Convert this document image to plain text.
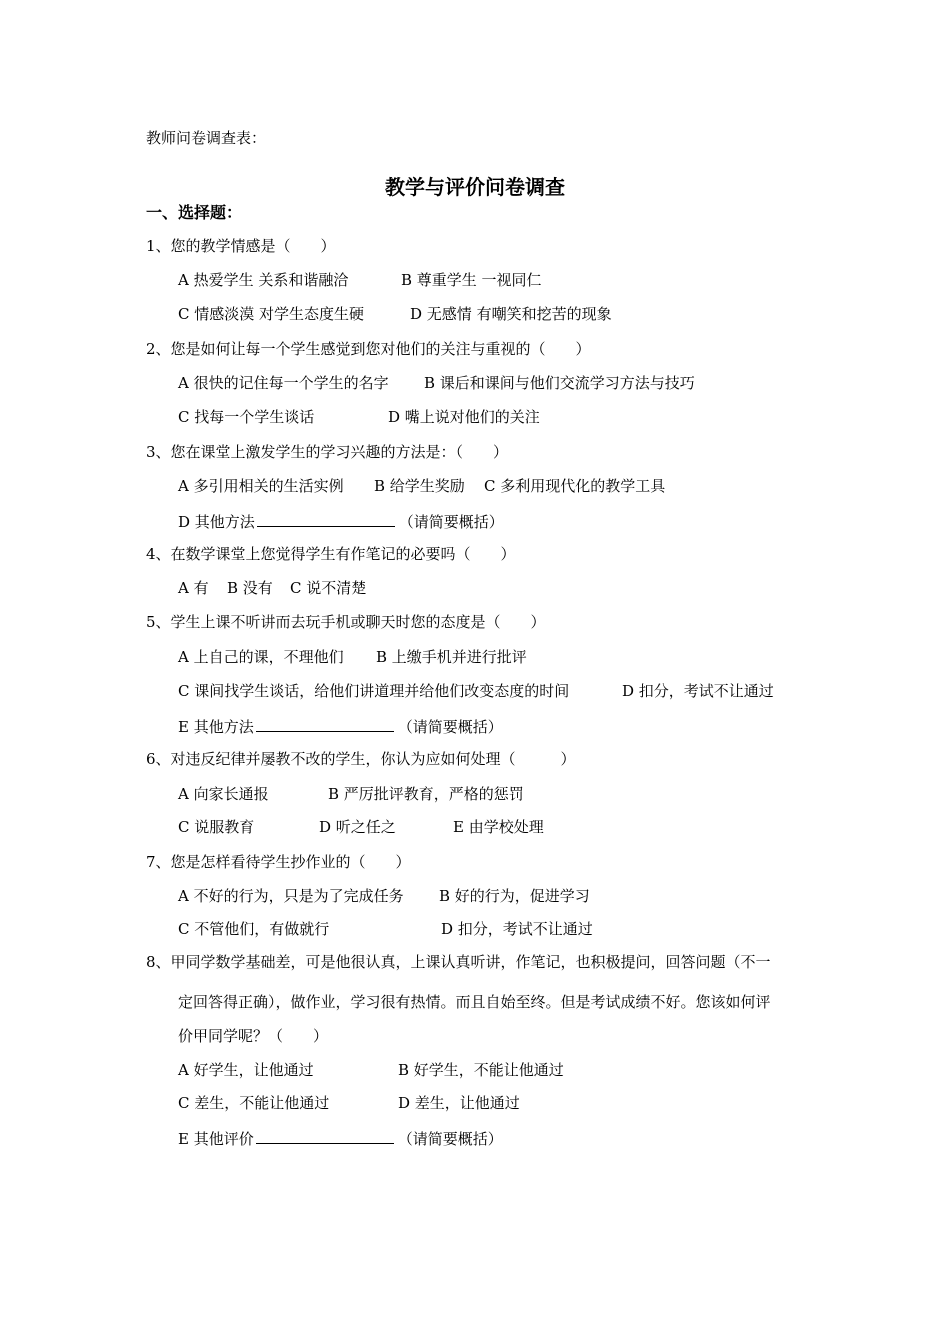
教师问卷调查表：
教学与评价问卷调查
一、选择题：
1、您的教学情感是（　　）
A 热爱学生 关系和谐融洽	B 尊重学生 一视同仁
C 情感淡漠 对学生态度生硬	D 无感情 有嘲笑和挖苦的现象
2、您是如何让每一个学生感觉到您对他们的关注与重视的（　　）
A 很快的记住每一个学生的名字 B 课后和课间与他们交流学习方法与技巧
C 找每一个学生谈话	D 嘴上说对他们的关注
3、您在课堂上激发学生的学习兴趣的方法是：（　　）
A 多引用相关的生活实例 B 给学生奖励 C 多利用现代化的教学工具
D 其他方法	（请简要概括）
4、在数学课堂上您觉得学生有作笔记的必要吗（　　）
A 有 B 没有 C 说不清楚
5、学生上课不听讲而去玩手机或聊天时您的态度是（　　）
A 上自己的课，不理他们 B 上缴手机并进行批评
C 课间找学生谈话，给他们讲道理并给他们改变态度的时间	D 扣分，考试不让通过
E 其他方法	（请简要概括）
6、对违反纪律并屡教不改的学生，你认为应如何处理（　　　）
A 向家长通报	B 严厉批评教育，严格的惩罚
C 说服教育	D 听之任之	E 由学校处理
7、您是怎样看待学生抄作业的（　　）
A 不好的行为，只是为了完成任务 B 好的行为，促进学习
C 不管他们，有做就行	D 扣分，考试不让通过
8、甲同学数学基础差，可是他很认真，上课认真听讲，作笔记，也积极提问，回答问题（不一
定回答得正确），做作业，学习很有热情。而且自始至终。但是考试成绩不好。您该如何评
价甲同学呢？（　　）
A 好学生，让他通过	B 好学生，不能让他通过
C 差生，不能让他通过	D 差生，让他通过
E 其他评价	（请简要概括）
